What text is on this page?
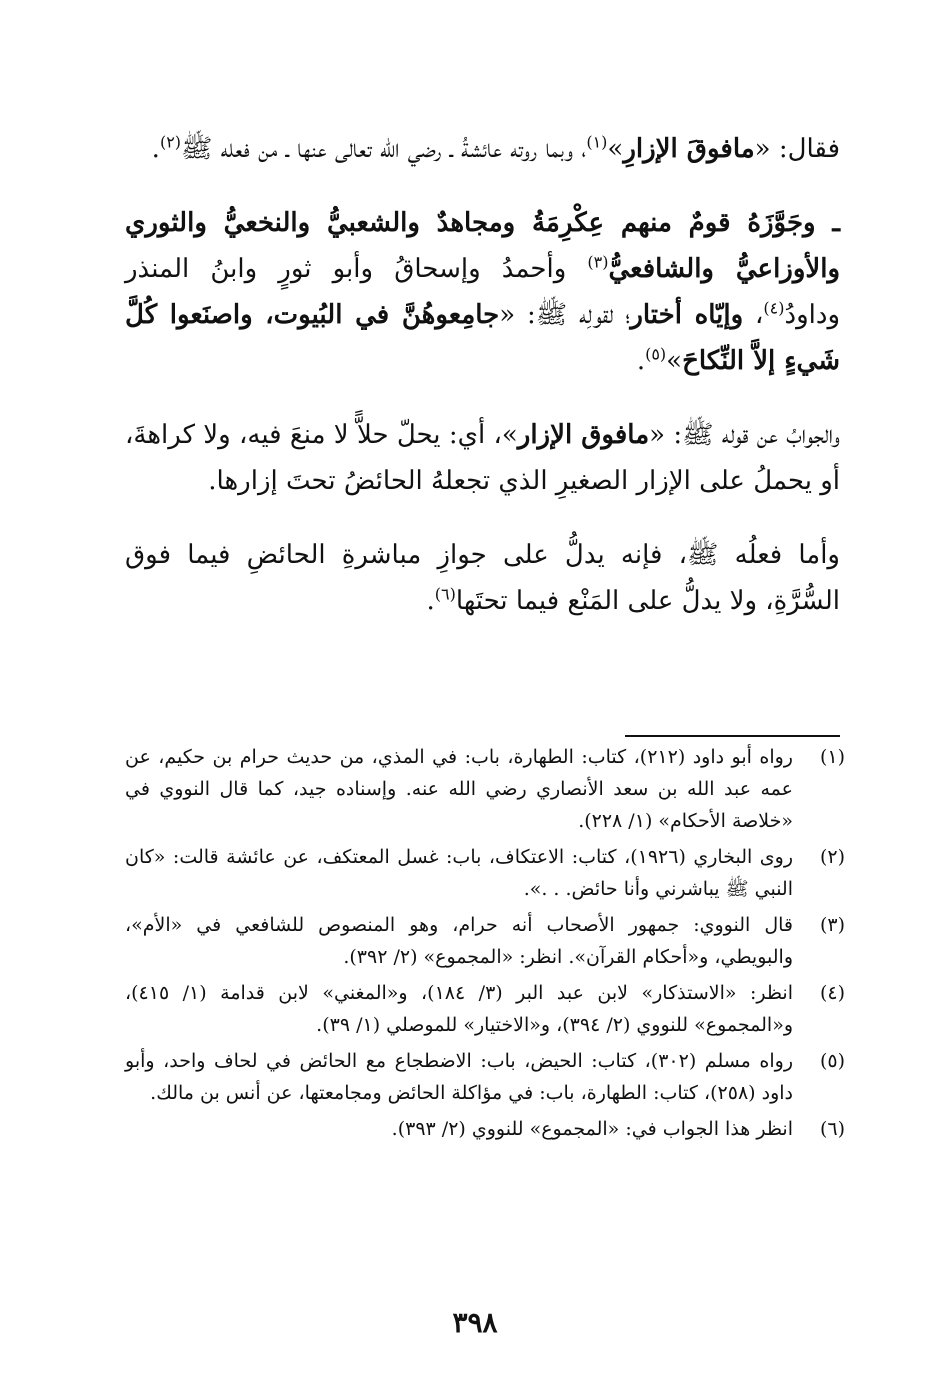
فقال: «مافوقَ الإزارِ»$^{(١)}$، وبما روته عائشةُ ـ رضي الله تعالى عنها ـ من فعله ﷺ$^{(٢)}$.

ـ وجَوَّزَهُ قومٌ منهم عِكْرِمَةُ ومجاهدٌ والشعبيُّ والنخعيُّ والثوري والأوزاعيُّ والشافعيُّ$^{(٣)}$ وأحمدُ وإسحاقُ وأبو ثورٍ وابنُ المنذر وداودُ$^{(٤)}$، وإيّاه أختار؛ لقولِه ﷺ: «جامِعوهُنَّ في البُيوت، واصنَعوا كُلَّ شَيءٍ إلاَّ النِّكاحَ»$^{(٥)}$.

والجوابُ عن قوله ﷺ: «مافوق الإزار»، أي: يحلّ حلاًّ لا منعَ فيه، ولا كراهةَ، أو يحملُ على الإزار الصغيرِ الذي تجعلهُ الحائضُ تحتَ إزارها.

وأما فعلُه ﷺ، فإنه يدلُّ على جوازِ مباشرةِ الحائضِ فيما فوق السُّرَّةِ، ولا يدلُّ على المَنْع فيما تحتَها$^{(٦)}$.

(١)
رواه أبو داود (٢١٢)، كتاب: الطهارة، باب: في المذي، من حديث حرام بن حكيم، عن عمه عبد الله بن سعد الأنصاري رضي الله عنه. وإسناده جيد، كما قال النووي في «خلاصة الأحكام» (١/ ٢٢٨).
(٢)
روى البخاري (١٩٢٦)، كتاب: الاعتكاف، باب: غسل المعتكف، عن عائشة قالت: «كان النبي ﷺ يباشرني وأنا حائض. . .».
(٣)
قال النووي: جمهور الأصحاب أنه حرام، وهو المنصوص للشافعي في «الأم»، والبويطي، و«أحكام القرآن». انظر: «المجموع» (٢/ ٣٩٢).
(٤)
انظر: «الاستذكار» لابن عبد البر (٣/ ١٨٤)، و«المغني» لابن قدامة (١/ ٤١٥)، و«المجموع» للنووي (٢/ ٣٩٤)، و«الاختيار» للموصلي (١/ ٣٩).
(٥)
رواه مسلم (٣٠٢)، كتاب: الحيض، باب: الاضطجاع مع الحائض في لحاف واحد، وأبو داود (٢٥٨)، كتاب: الطهارة، باب: في مؤاكلة الحائض ومجامعتها، عن أنس بن مالك.
(٦)
انظر هذا الجواب في: «المجموع» للنووي (٢/ ٣٩٣).
٣٩٨
